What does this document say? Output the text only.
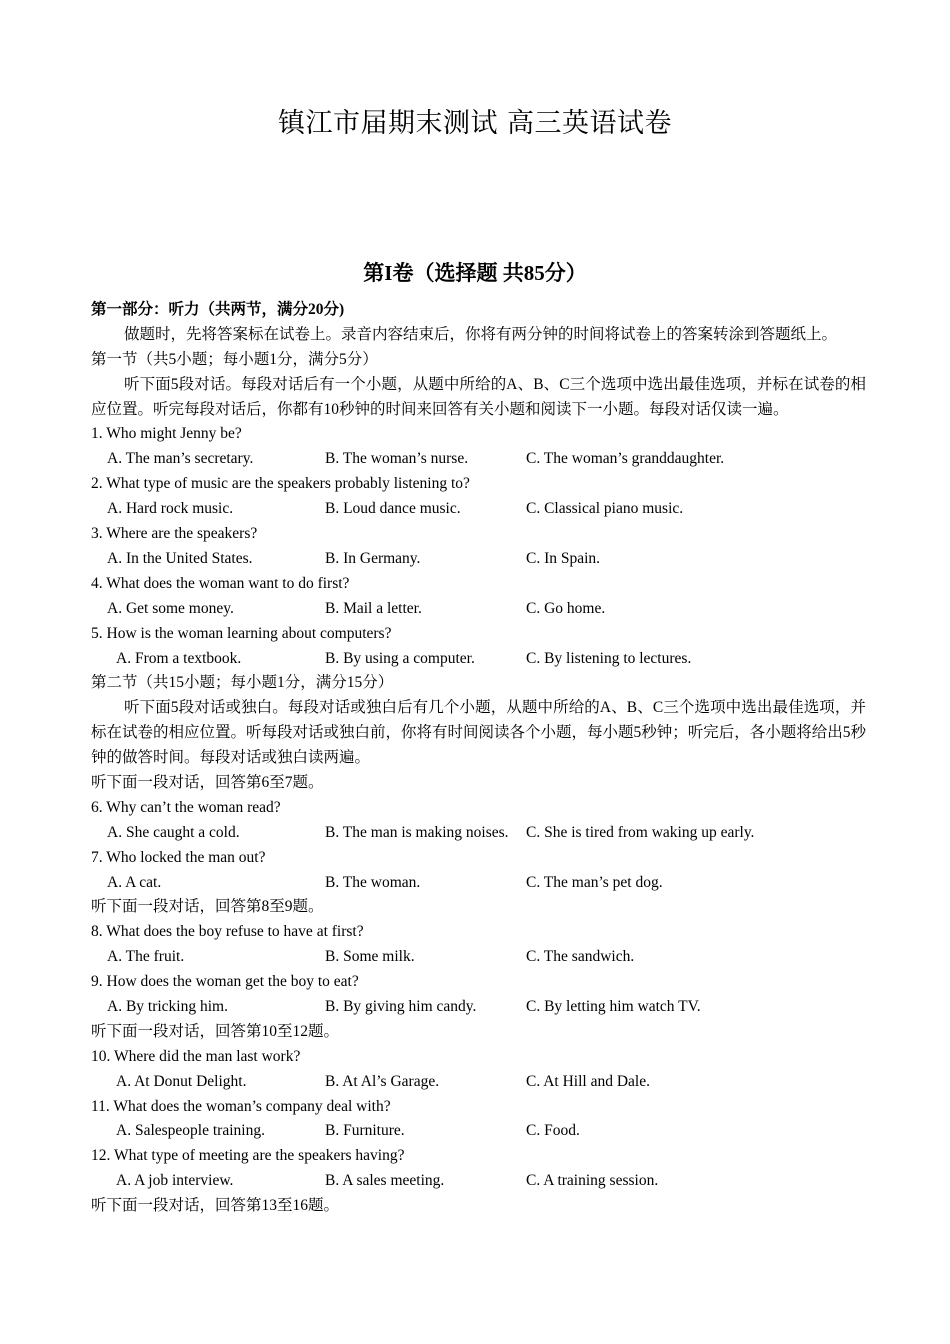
镇江市届期末测试 高三英语试卷
第I卷（选择题 共85分）
第一部分：听力（共两节，满分20分)
做题时，先将答案标在试卷上。录音内容结束后，你将有两分钟的时间将试卷上的答案转涂到答题纸上。
第一节（共5小题；每小题1分，满分5分）
听下面5段对话。每段对话后有一个小题，从题中所给的A、B、C三个选项中选出最佳选项，并标在试卷的相应位置。听完每段对话后，你都有10秒钟的时间来回答有关小题和阅读下一小题。每段对话仅读一遍。
1. Who might Jenny be?
A. The man’s secretary.	B. The woman’s nurse.	C. The woman’s granddaughter.
2. What type of music are the speakers probably listening to?
A. Hard rock music.	B. Loud dance music.	C. Classical piano music.
3. Where are the speakers?
A. In the United States.	B. In Germany.	C. In Spain.
4. What does the woman want to do first?
A. Get some money.	B. Mail a letter.	C. Go home.
5. How is the woman learning about computers?
A. From a textbook.	B. By using a computer.	C. By listening to lectures.
第二节（共15小题；每小题1分，满分15分）
听下面5段对话或独白。每段对话或独白后有几个小题，从题中所给的A、B、C三个选项中选出最佳选项，并标在试卷的相应位置。听每段对话或独白前，你将有时间阅读各个小题，每小题5秒钟；听完后，各小题将给出5秒钟的做答时间。每段对话或独白读两遍。
听下面一段对话，回答第6至7题。
6. Why can’t the woman read?
A. She caught a cold.	B. The man is making noises. C. She is tired from waking up early.
7. Who locked the man out?
A. A cat.	B. The woman.	C. The man’s pet dog.
听下面一段对话，回答第8至9题。
8. What does the boy refuse to have at first?
A. The fruit.	B. Some milk.	C. The sandwich.
9. How does the woman get the boy to eat?
A. By tricking him.	B. By giving him candy.	C. By letting him watch TV.
听下面一段对话，回答第10至12题。
10. Where did the man last work?
A. At Donut Delight.	B. At Al’s Garage.	C. At Hill and Dale.
11. What does the woman’s company deal with?
A. Salespeople training.	B. Furniture.	C. Food.
12. What type of meeting are the speakers having?
A. A job interview.	B. A sales meeting.	C. A training session.
听下面一段对话，回答第13至16题。
